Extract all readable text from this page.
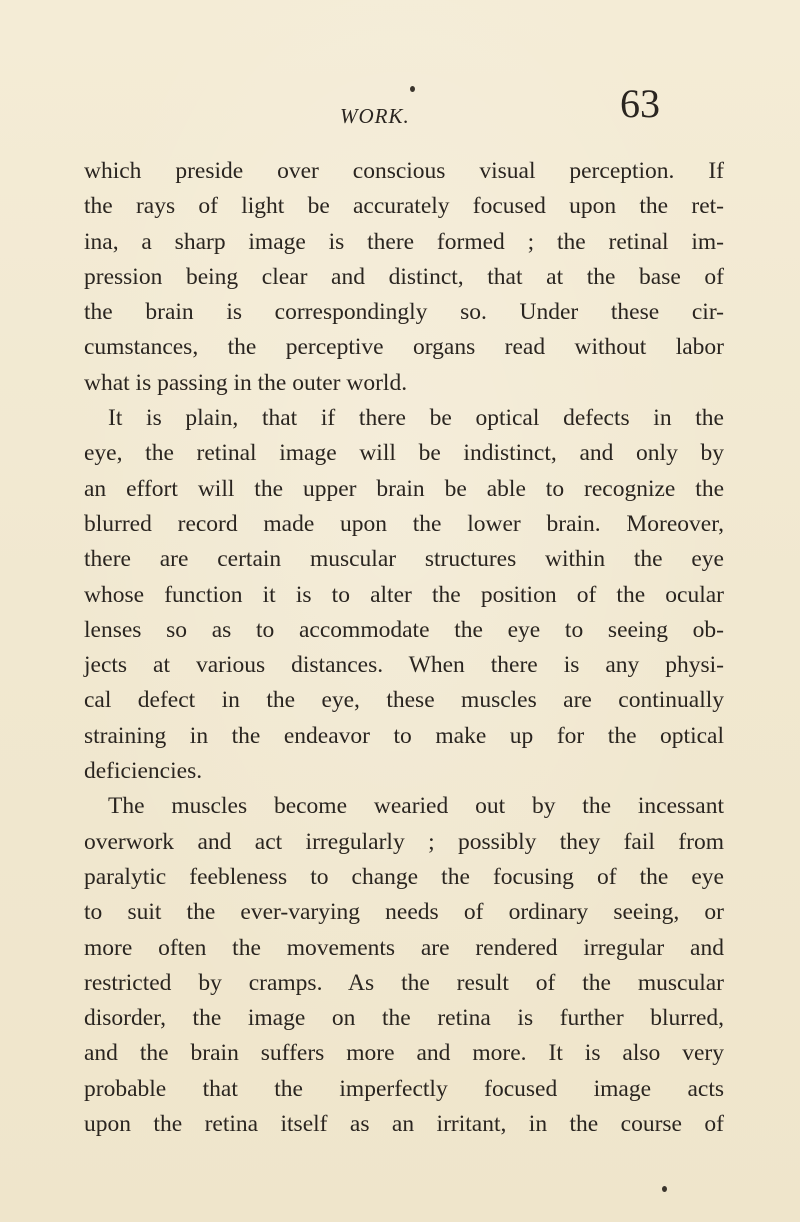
WORK.	63
which preside over conscious visual perception. If
the rays of light be accurately focused upon the ret-
ina, a sharp image is there formed ; the retinal im-
pression being clear and distinct, that at the base of
the brain is correspondingly so. Under these cir-
cumstances, the perceptive organs read without labor
what is passing in the outer world.
It is plain, that if there be optical defects in the
eye, the retinal image will be indistinct, and only by
an effort will the upper brain be able to recognize the
blurred record made upon the lower brain. Moreover,
there are certain muscular structures within the eye
whose function it is to alter the position of the ocular
lenses so as to accommodate the eye to seeing ob-
jects at various distances. When there is any physi-
cal defect in the eye, these muscles are continually
straining in the endeavor to make up for the optical
deficiencies.
The muscles become wearied out by the incessant
overwork and act irregularly ; possibly they fail from
paralytic feebleness to change the focusing of the eye
to suit the ever-varying needs of ordinary seeing, or
more often the movements are rendered irregular and
restricted by cramps. As the result of the muscular
disorder, the image on the retina is further blurred,
and the brain suffers more and more. It is also very
probable that the imperfectly focused image acts
upon the retina itself as an irritant, in the course of
